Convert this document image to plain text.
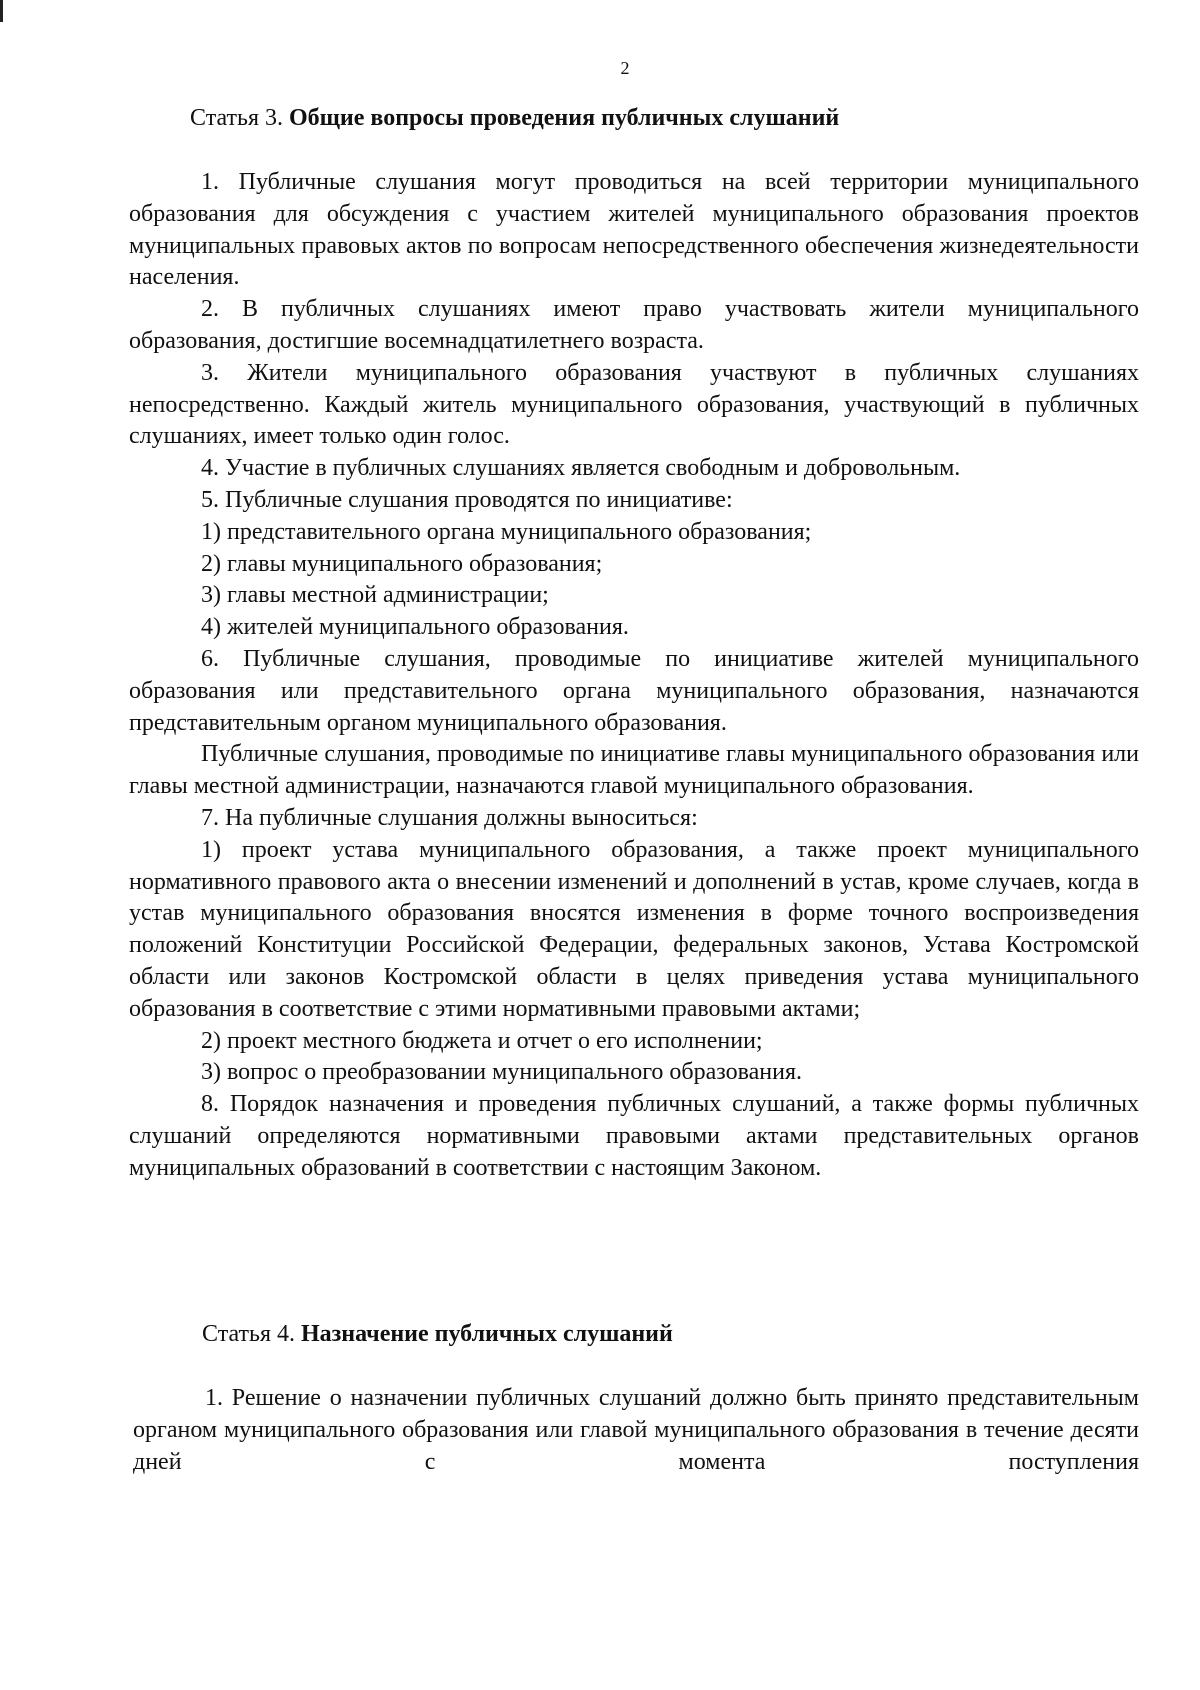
2
Статья 3. Общие вопросы проведения публичных слушаний

1. Публичные слушания могут проводиться на всей территории муниципального образования для обсуждения с участием жителей муниципального образования проектов муниципальных правовых актов по вопросам непосредственного обеспечения жизнедеятельности населения.

2. В публичных слушаниях имеют право участвовать жители муниципального образования, достигшие восемнадцатилетнего возраста.

3. Жители муниципального образования участвуют в публичных слушаниях непосредственно. Каждый житель муниципального образования, участвующий в публичных слушаниях, имеет только один голос.

4. Участие в публичных слушаниях является свободным и добровольным.

5. Публичные слушания проводятся по инициативе:

1) представительного органа муниципального образования;

2) главы муниципального образования;

3) главы местной администрации;

4) жителей муниципального образования.

6. Публичные слушания, проводимые по инициативе жителей муниципального образования или представительного органа муниципального образования, назначаются представительным органом муниципального образования.

Публичные слушания, проводимые по инициативе главы муниципального образования или главы местной администрации, назначаются главой муниципального образования.

7. На публичные слушания должны выноситься:

1) проект устава муниципального образования, а также проект муниципального нормативного правового акта о внесении изменений и дополнений в устав, кроме случаев, когда в устав муниципального образования вносятся изменения в форме точного воспроизведения положений Конституции Российской Федерации, федеральных законов, Устава Костромской области или законов Костромской области в целях приведения устава муниципального образования в соответствие с этими нормативными правовыми актами;

2) проект местного бюджета и отчет о его исполнении;

3) вопрос о преобразовании муниципального образования.

8. Порядок назначения и проведения публичных слушаний, а также формы публичных слушаний определяются нормативными правовыми актами представительных органов муниципальных образований в соответствии с настоящим Законом.

Статья 4. Назначение публичных слушаний

1. Решение о назначении публичных слушаний должно быть принято представительным органом муниципального образования или главой муниципального образования в течение десяти дней с момента поступления
